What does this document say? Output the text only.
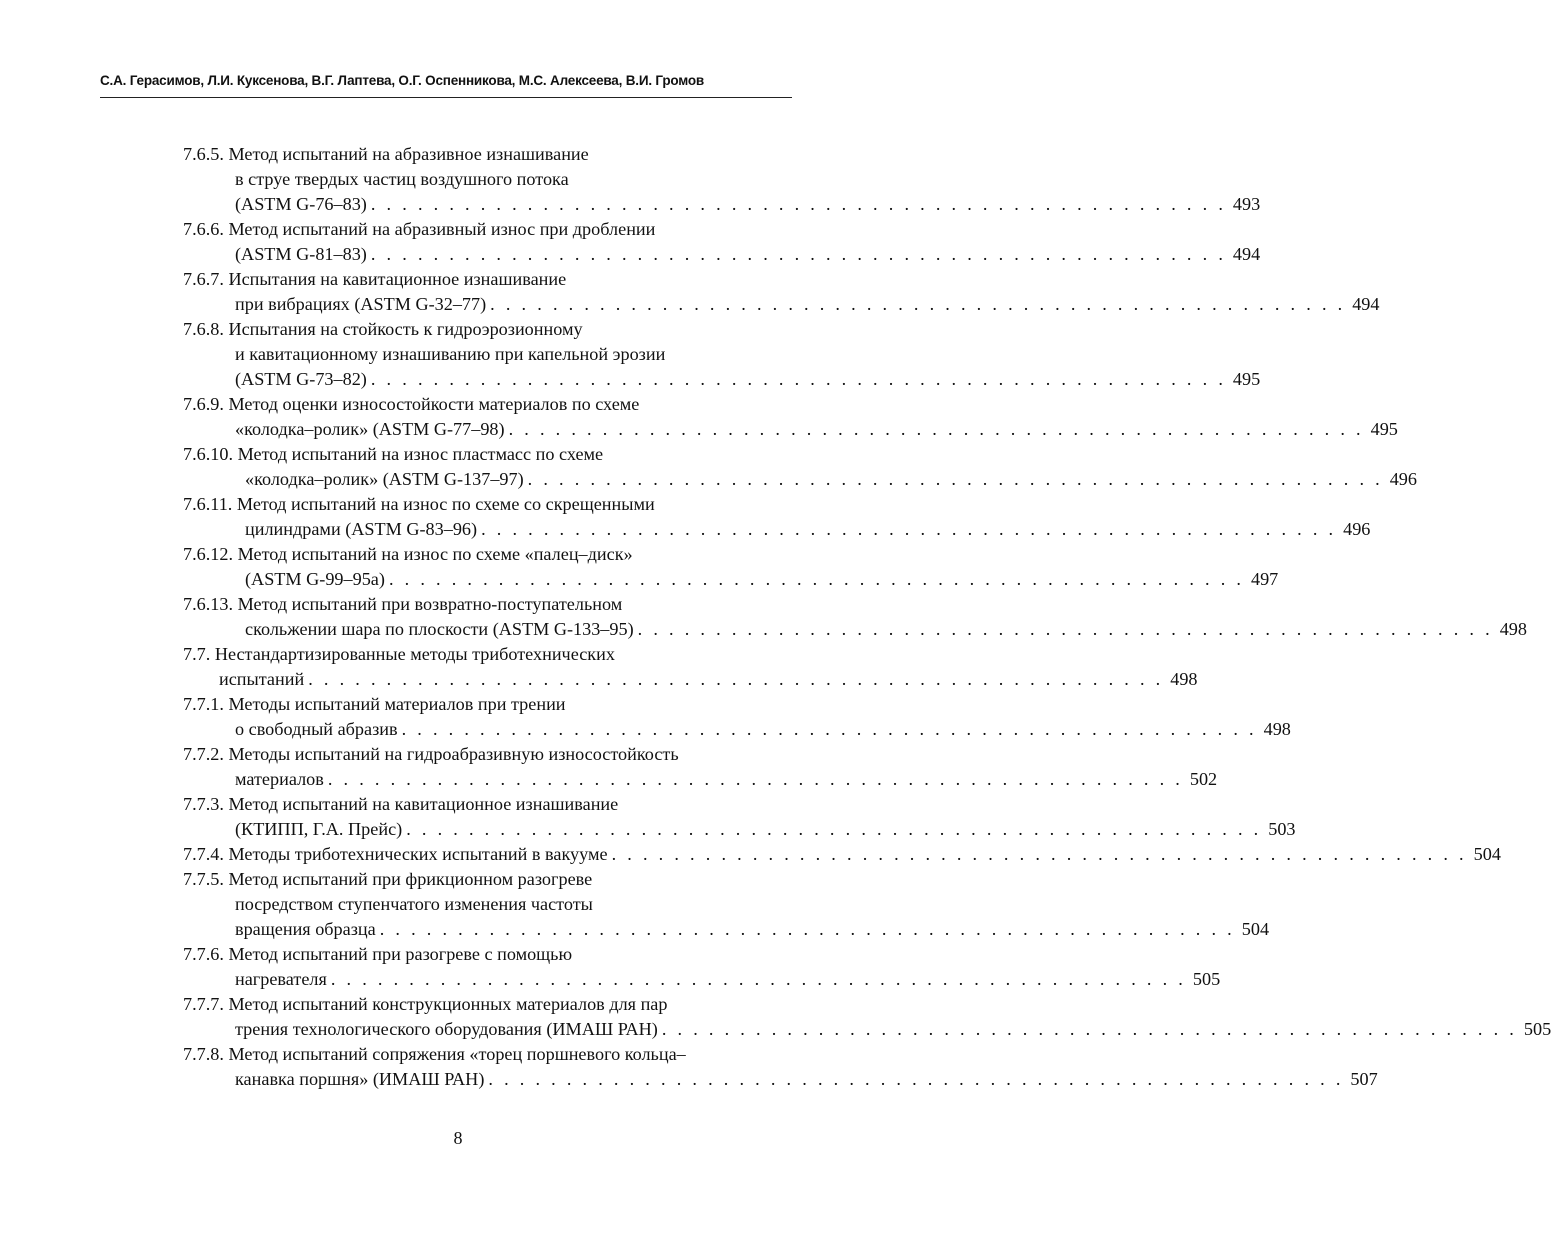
С.А. Герасимов, Л.И. Куксенова, В.Г. Лаптева, О.Г. Оспенникова, М.С. Алексеева, В.И. Громов
7.6.5. Метод испытаний на абразивное изнашивание
в струе твердых частиц воздушного потока
(ASTM G-76–83) . . . . . . . . . . . . . . . . . . . . . . . . . . . . . . . . . . . . . . . . . . . . . . . . . . . . . . . 493
7.6.6. Метод испытаний на абразивный износ при дроблении
(ASTM G-81–83) . . . . . . . . . . . . . . . . . . . . . . . . . . . . . . . . . . . . . . . . . . . . . . . . . . . . . . . 494
7.6.7. Испытания на кавитационное изнашивание
при вибрациях (ASTM G-32–77) . . . . . . . . . . . . . . . . . . . . . . . . . . . . . . . . . . . . . . . . . . . . . . . . . . . . . . . 494
7.6.8. Испытания на стойкость к гидроэрозионному
и кавитационному изнашиванию при капельной эрозии
(ASTM G-73–82) . . . . . . . . . . . . . . . . . . . . . . . . . . . . . . . . . . . . . . . . . . . . . . . . . . . . . . . 495
7.6.9. Метод оценки износостойкости материалов по схеме
«колодка–ролик» (ASTM G-77–98) . . . . . . . . . . . . . . . . . . . . . . . . . . . . . . . . . . . . . . . . . . . . . . . . . . . . . . . 495
7.6.10. Метод испытаний на износ пластмасс по схеме
«колодка–ролик» (ASTM G-137–97) . . . . . . . . . . . . . . . . . . . . . . . . . . . . . . . . . . . . . . . . . . . . . . . . . . . . . . . 496
7.6.11. Метод испытаний на износ по схеме со скрещенными
цилиндрами (ASTM G-83–96) . . . . . . . . . . . . . . . . . . . . . . . . . . . . . . . . . . . . . . . . . . . . . . . . . . . . . . . 496
7.6.12. Метод испытаний на износ по схеме «палец–диск»
(ASTM G-99–95a) . . . . . . . . . . . . . . . . . . . . . . . . . . . . . . . . . . . . . . . . . . . . . . . . . . . . . . . 497
7.6.13. Метод испытаний при возвратно-поступательном
скольжении шара по плоскости (ASTM G-133–95) . . . . . . . . . . . . . . . . . . . . . . . . . . . . . . . . . . . . . . . . . . . . . . . . . . . . . . . 498
7.7. Нестандартизированные методы триботехнических
испытаний . . . . . . . . . . . . . . . . . . . . . . . . . . . . . . . . . . . . . . . . . . . . . . . . . . . . . . . 498
7.7.1. Методы испытаний материалов при трении
о свободный абразив . . . . . . . . . . . . . . . . . . . . . . . . . . . . . . . . . . . . . . . . . . . . . . . . . . . . . . . 498
7.7.2. Методы испытаний на гидроабразивную износостойкость
материалов . . . . . . . . . . . . . . . . . . . . . . . . . . . . . . . . . . . . . . . . . . . . . . . . . . . . . . . 502
7.7.3. Метод испытаний на кавитационное изнашивание
(КТИПП, Г.А. Прейс) . . . . . . . . . . . . . . . . . . . . . . . . . . . . . . . . . . . . . . . . . . . . . . . . . . . . . . . 503
7.7.4. Методы триботехнических испытаний в вакууме . . . . . . . . . . . . . . . . . . . . . . . . . . . . . . . . . . . . . . . . . . . . . . . . . . . . . . . 504
7.7.5. Метод испытаний при фрикционном разогреве
посредством ступенчатого изменения частоты
вращения образца . . . . . . . . . . . . . . . . . . . . . . . . . . . . . . . . . . . . . . . . . . . . . . . . . . . . . . . 504
7.7.6. Метод испытаний при разогреве с помощью
нагревателя . . . . . . . . . . . . . . . . . . . . . . . . . . . . . . . . . . . . . . . . . . . . . . . . . . . . . . . 505
7.7.7. Метод испытаний конструкционных материалов для пар
трения технологического оборудования (ИМАШ РАН) . . . . . . . . . . . . . . . . . . . . . . . . . . . . . . . . . . . . . . . . . . . . . . . . . . . . . . . 505
7.7.8. Метод испытаний сопряжения «торец поршневого кольца–
канавка поршня» (ИМАШ РАН) . . . . . . . . . . . . . . . . . . . . . . . . . . . . . . . . . . . . . . . . . . . . . . . . . . . . . . . 507
8
